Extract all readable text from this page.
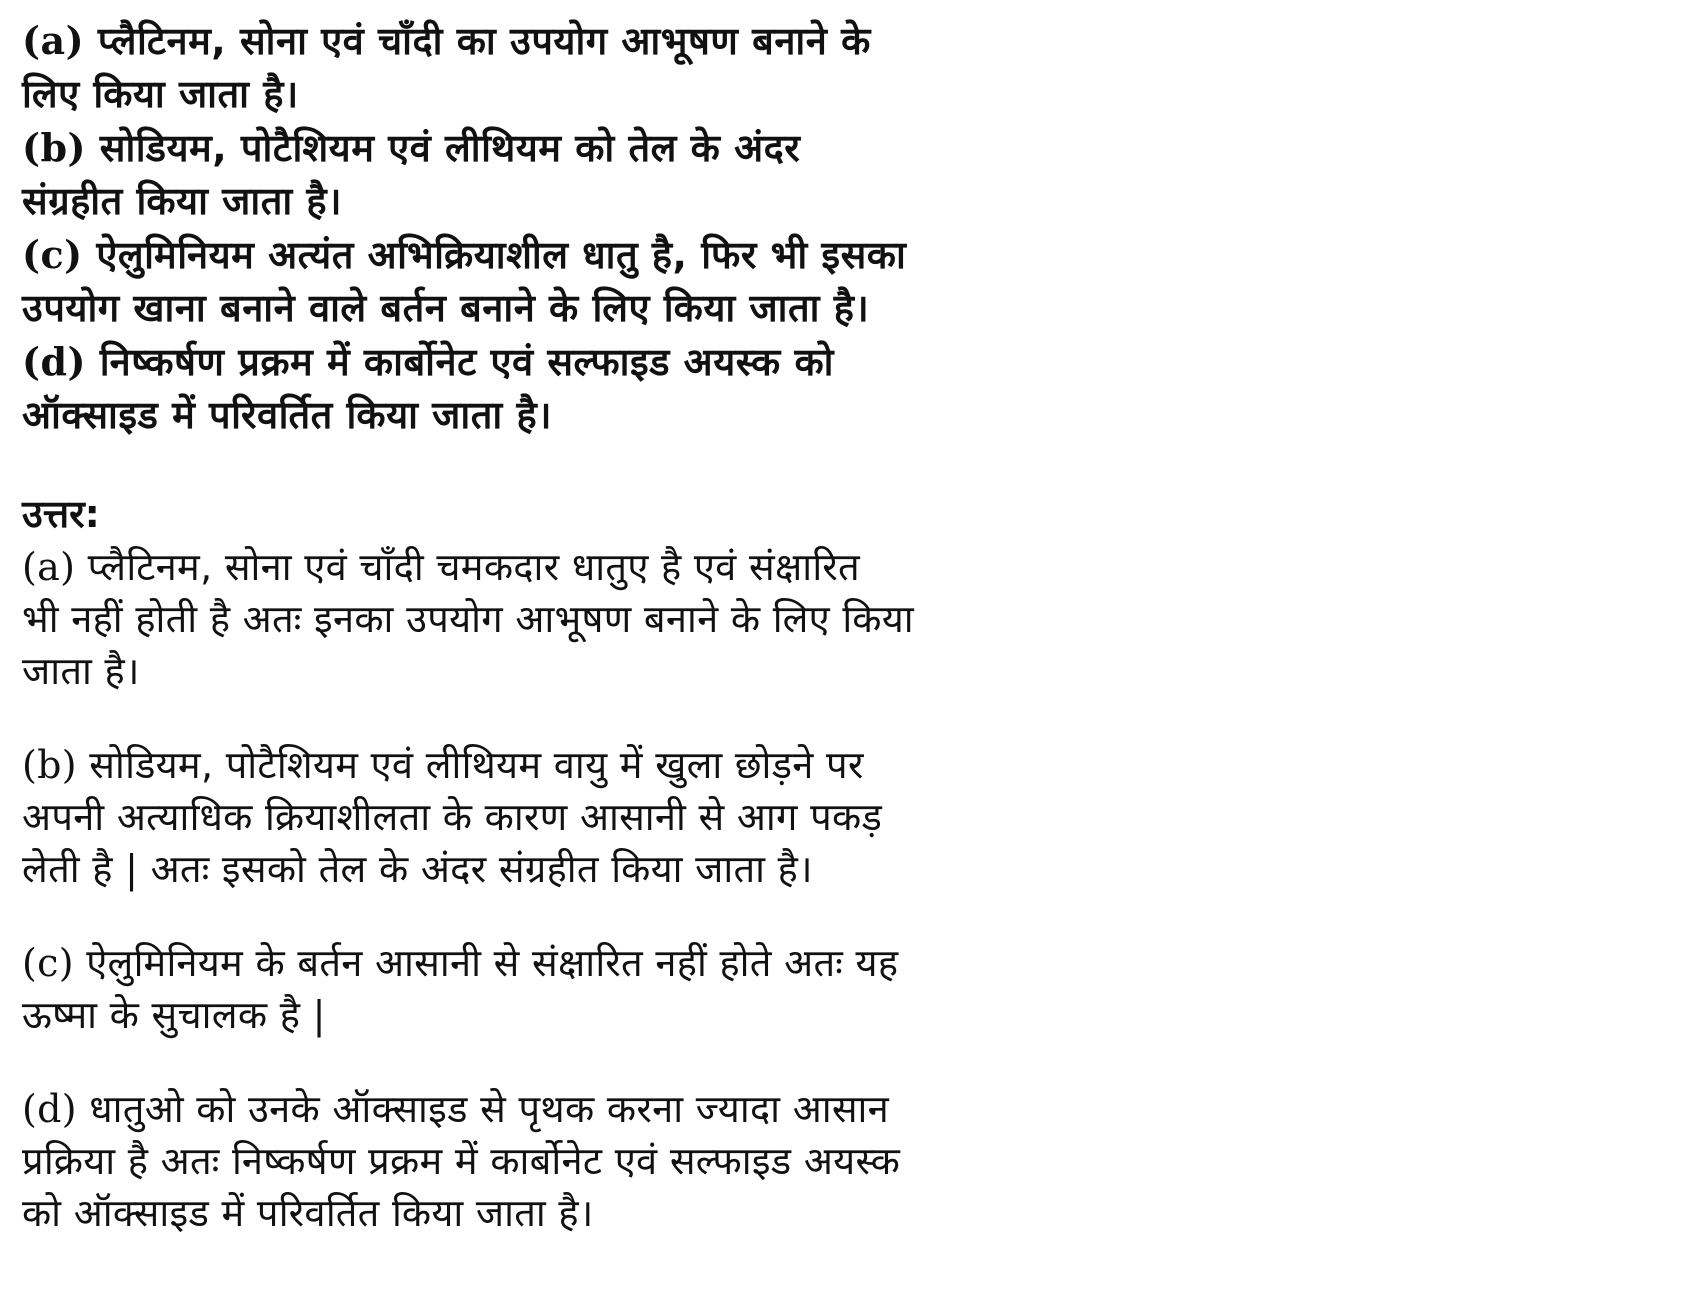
(a) प्लैटिनम, सोना एवं चाँदी का उपयोग आभूषण बनाने के

लिए किया जाता है।

(b) सोडियम, पोटैशियम एवं लीथियम को तेल के अंदर

संग्रहीत किया जाता है।

(c) ऐलुमिनियम अत्यंत अभिक्रियाशील धातु है, फिर भी इसका

उपयोग खाना बनाने वाले बर्तन बनाने के लिए किया जाता है।

(d) निष्कर्षण प्रक्रम में कार्बोनेट एवं सल्फाइड अयस्क को

ऑक्साइड में परिवर्तित किया जाता है।

उत्तर:

(a) प्लैटिनम, सोना एवं चाँदी चमकदार धातुए है एवं संक्षारित

भी नहीं होती है अतः इनका उपयोग आभूषण बनाने के लिए किया

जाता है।

(b) सोडियम, पोटैशियम एवं लीथियम वायु में खुला छोड़ने पर

अपनी अत्याधिक क्रियाशीलता के कारण आसानी से आग पकड़

लेती है | अतः इसको तेल के अंदर संग्रहीत किया जाता है।

(c) ऐलुमिनियम के बर्तन आसानी से संक्षारित नहीं होते अतः यह

ऊष्मा के सुचालक है |

(d) धातुओ को उनके ऑक्साइड से पृथक करना ज्यादा आसान

प्रक्रिया है अतः निष्कर्षण प्रक्रम में कार्बोनेट एवं सल्फाइड अयस्क

को ऑक्साइड में परिवर्तित किया जाता है।
